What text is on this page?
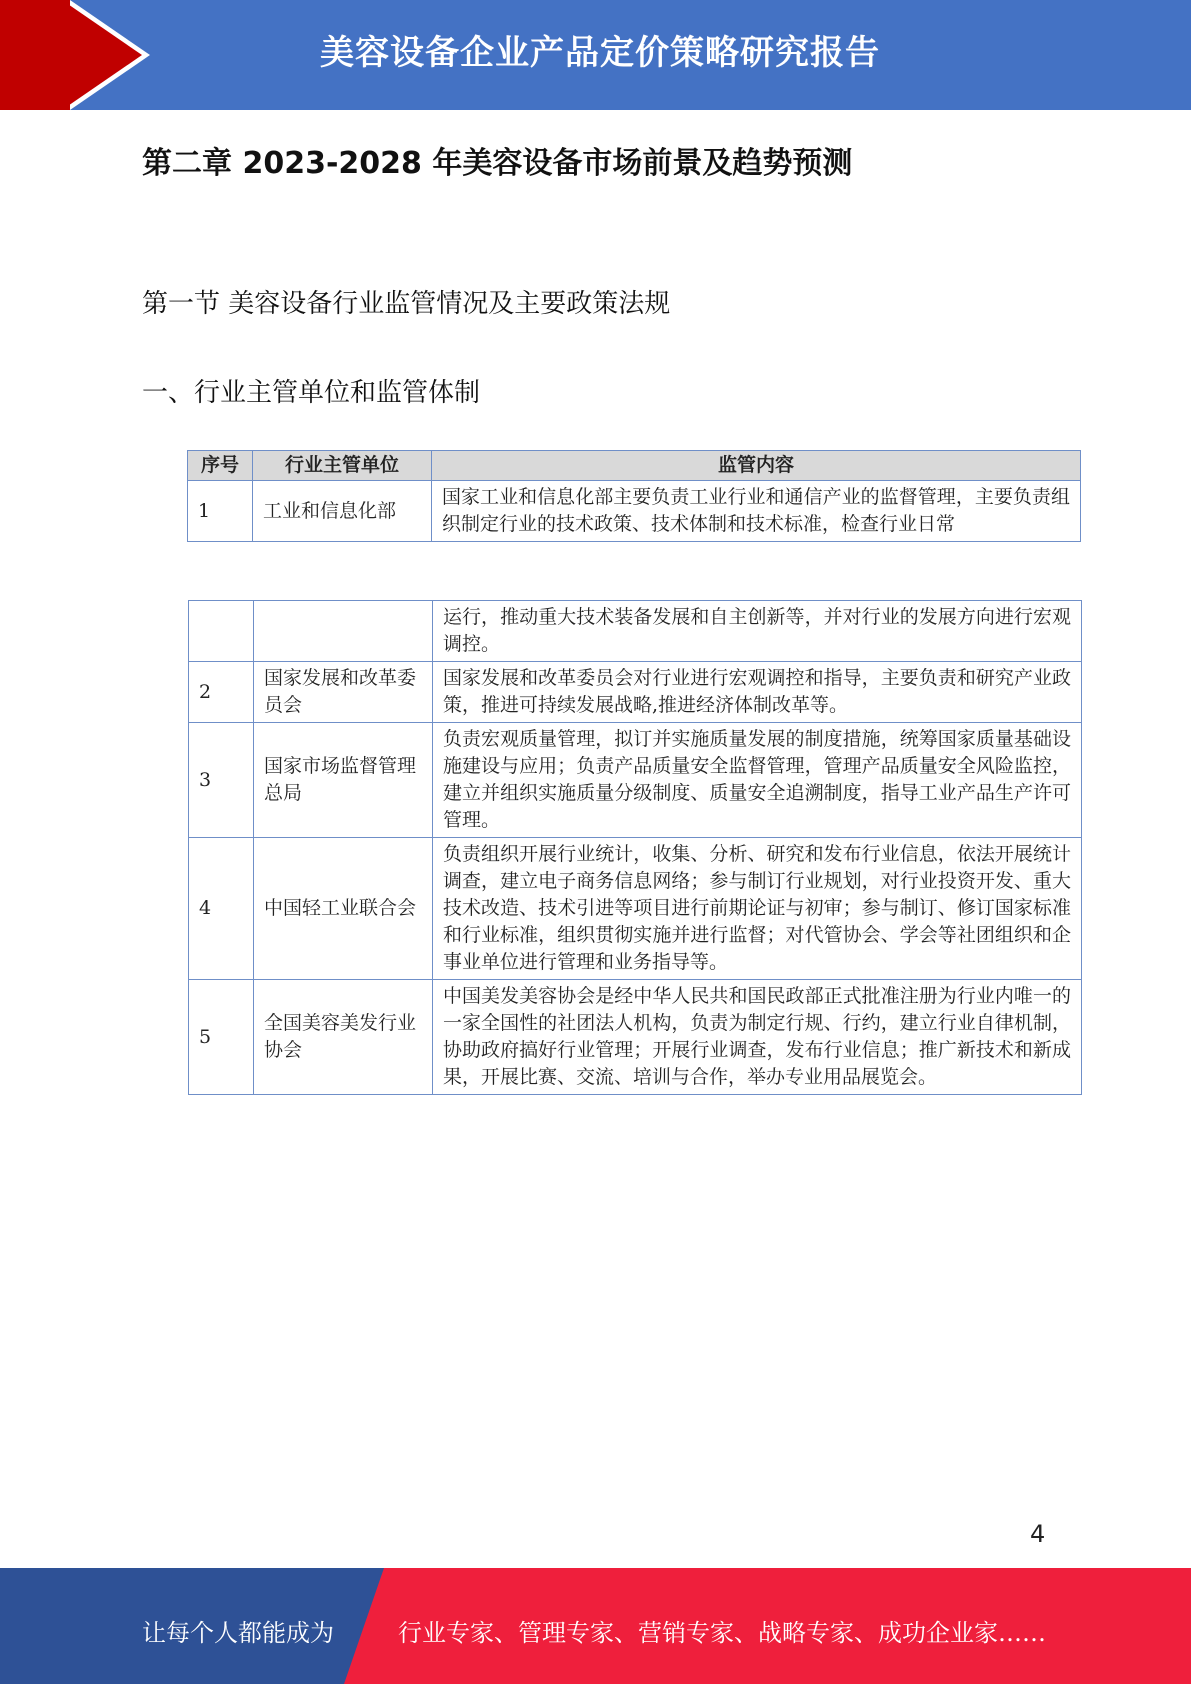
美容设备企业产品定价策略研究报告
第二章 2023-2028 年美容设备市场前景及趋势预测
第一节 美容设备行业监管情况及主要政策法规
一、行业主管单位和监管体制
序号	行业主管单位	监管内容
1	工业和信息化部	国家工业和信息化部主要负责工业行业和通信产业的监督管理，主要负责组织制定行业的技术政策、技术体制和技术标准，检查行业日常
		运行，推动重大技术装备发展和自主创新等，并对行业的发展方向进行宏观调控。
2	国家发展和改革委员会	国家发展和改革委员会对行业进行宏观调控和指导，主要负责和研究产业政策，推进可持续发展战略,推进经济体制改革等。
3	国家市场监督管理总局	负责宏观质量管理，拟订并实施质量发展的制度措施，统筹国家质量基础设施建设与应用；负责产品质量安全监督管理，管理产品质量安全风险监控，建立并组织实施质量分级制度、质量安全追溯制度，指导工业产品生产许可管理。
4	中国轻工业联合会	负责组织开展行业统计，收集、分析、研究和发布行业信息，依法开展统计调查，建立电子商务信息网络；参与制订行业规划，对行业投资开发、重大技术改造、技术引进等项目进行前期论证与初审；参与制订、修订国家标准和行业标准，组织贯彻实施并进行监督；对代管协会、学会等社团组织和企事业单位进行管理和业务指导等。
5	全国美容美发行业协会	中国美发美容协会是经中华人民共和国民政部正式批准注册为行业内唯一的一家全国性的社团法人机构，负责为制定行规、行约，建立行业自律机制，协助政府搞好行业管理；开展行业调查，发布行业信息；推广新技术和新成果，开展比赛、交流、培训与合作，举办专业用品展览会。
4
让每个人都能成为	行业专家、管理专家、营销专家、战略专家、成功企业家……
